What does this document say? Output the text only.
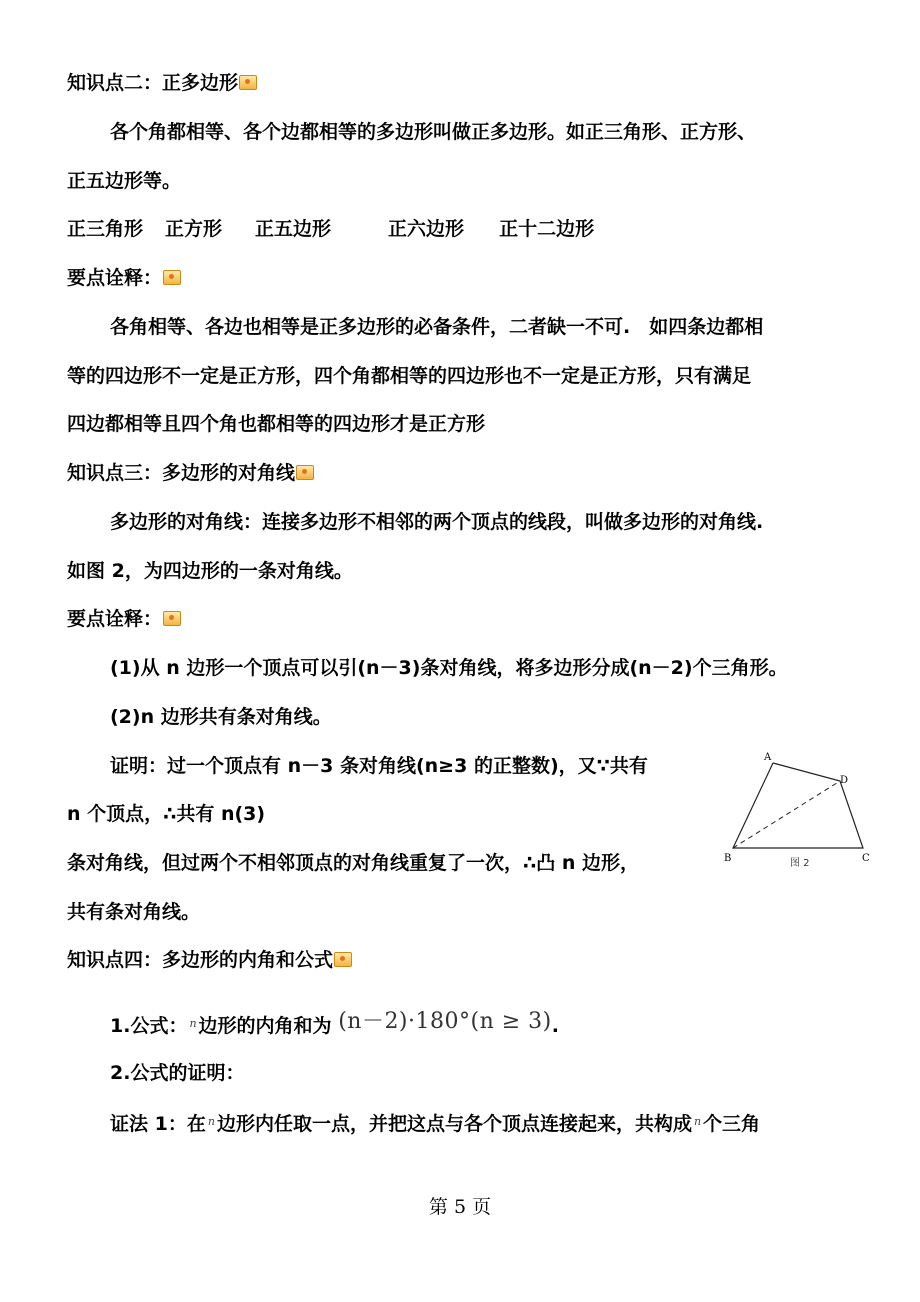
知识点二：正多边形
各个角都相等、各个边都相等的多边形叫做正多边形。如正三角形、正方形、
正五边形等。
正三角形 正方形 正五边形	正六边形 正十二边形
要点诠释：
各角相等、各边也相等是正多边形的必备条件，二者缺一不可.　如四条边都相
等的四边形不一定是正方形，四个角都相等的四边形也不一定是正方形，只有满足
四边都相等且四个角也都相等的四边形才是正方形
知识点三：多边形的对角线
多边形的对角线：连接多边形不相邻的两个顶点的线段，叫做多边形的对角线.
如图 2，为四边形的一条对角线。
要点诠释：
(1)从 n 边形一个顶点可以引(n－3)条对角线，将多边形分成(n－2)个三角形。
(2)n 边形共有条对角线。
证明：过一个顶点有 n－3 条对角线(n≥3 的正整数)，又∵共有
n 个顶点，∴共有 n(3)
条对角线，但过两个不相邻顶点的对角线重复了一次，∴凸 n 边形，
共有条对角线。
知识点四：多边形的内角和公式
1.公式： $^n$ 边形的内角和为 (n－2)·180°(n ≥ 3).
2.公式的证明：
证法 1：在 $^n$ 边形内任取一点，并把这点与各个顶点连接起来，共构成 $^n$ 个三角
A
D
B	C
图 2
第 5 页
